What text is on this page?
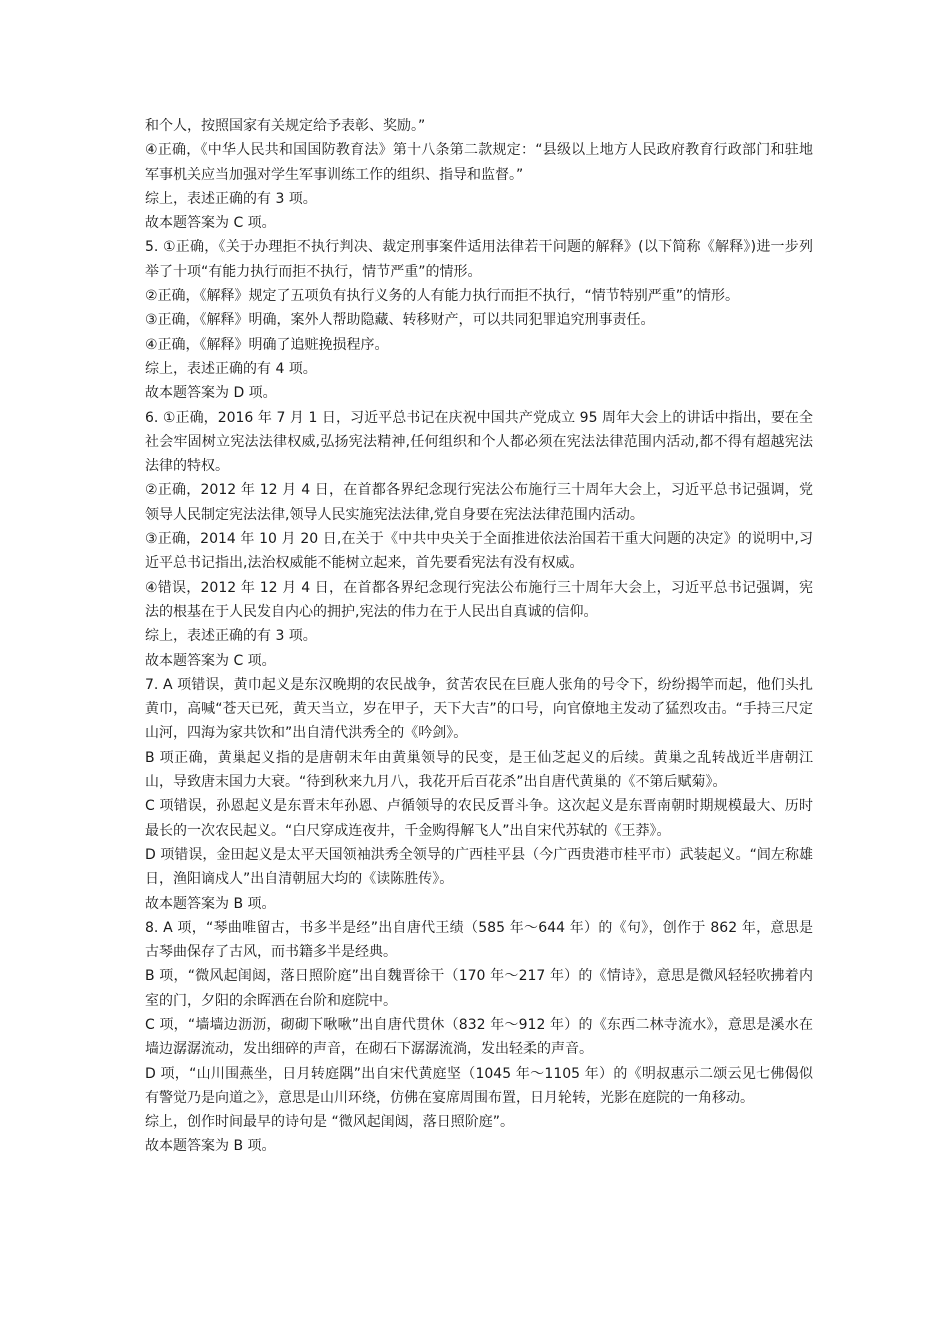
和个人，按照国家有关规定给予表彰、奖励。”

④正确，《中华人民共和国国防教育法》第十八条第二款规定：“县级以上地方人民政府教育行政部门和驻地军事机关应当加强对学生军事训练工作的组织、指导和监督。”

综上，表述正确的有 3 项。

故本题答案为 C 项。

5. ①正确，《关于办理拒不执行判决、裁定刑事案件适用法律若干问题的解释》(以下简称《解释》)进一步列举了十项“有能力执行而拒不执行，情节严重”的情形。

②正确，《解释》规定了五项负有执行义务的人有能力执行而拒不执行，“情节特别严重”的情形。

③正确，《解释》明确，案外人帮助隐藏、转移财产，可以共同犯罪追究刑事责任。

④正确，《解释》明确了追赃挽损程序。

综上，表述正确的有 4 项。

故本题答案为 D 项。

6. ①正确，2016 年 7 月 1 日，习近平总书记在庆祝中国共产党成立 95 周年大会上的讲话中指出，要在全社会牢固树立宪法法律权威,弘扬宪法精神,任何组织和个人都必须在宪法法律范围内活动,都不得有超越宪法法律的特权。

②正确，2012 年 12 月 4 日，在首都各界纪念现行宪法公布施行三十周年大会上，习近平总书记强调，党领导人民制定宪法法律,领导人民实施宪法法律,党自身要在宪法法律范围内活动。

③正确，2014 年 10 月 20 日,在关于《中共中央关于全面推进依法治国若干重大问题的决定》的说明中,习近平总书记指出,法治权威能不能树立起来，首先要看宪法有没有权威。

④错误，2012 年 12 月 4 日，在首都各界纪念现行宪法公布施行三十周年大会上，习近平总书记强调，宪法的根基在于人民发自内心的拥护,宪法的伟力在于人民出自真诚的信仰。

综上，表述正确的有 3 项。

故本题答案为 C 项。

7. A 项错误，黄巾起义是东汉晚期的农民战争，贫苦农民在巨鹿人张角的号令下，纷纷揭竿而起，他们头扎黄巾，高喊“苍天已死，黄天当立，岁在甲子，天下大吉”的口号，向官僚地主发动了猛烈攻击。“手持三尺定山河，四海为家共饮和”出自清代洪秀全的《吟剑》。

B 项正确，黄巢起义指的是唐朝末年由黄巢领导的民变，是王仙芝起义的后续。黄巢之乱转战近半唐朝江山，导致唐末国力大衰。“待到秋来九月八，我花开后百花杀”出自唐代黄巢的《不第后赋菊》。

C 项错误，孙恩起义是东晋末年孙恩、卢循领导的农民反晋斗争。这次起义是东晋南朝时期规模最大、历时最长的一次农民起义。“白尺穿成连夜井，千金购得解飞人”出自宋代苏轼的《王莽》。

D 项错误，金田起义是太平天国领袖洪秀全领导的广西桂平县（今广西贵港市桂平市）武装起义。“闾左称雄日，渔阳谪戍人”出自清朝屈大均的《读陈胜传》。

故本题答案为 B 项。

8. A 项，“琴曲唯留古，书多半是经”出自唐代王绩（585 年～644 年）的《句》，创作于 862 年，意思是古琴曲保存了古风，而书籍多半是经典。

B 项，“微风起闺闼，落日照阶庭”出自魏晋徐干（170 年～217 年）的《情诗》，意思是微风轻轻吹拂着内室的门，夕阳的余晖洒在台阶和庭院中。

C 项，“墙墙边沥沥，砌砌下啾啾”出自唐代贯休（832 年～912 年）的《东西二林寺流水》，意思是溪水在墙边潺潺流动，发出细碎的声音，在砌石下潺潺流淌，发出轻柔的声音。

D 项，“山川围燕坐，日月转庭隅”出自宋代黄庭坚（1045 年～1105 年）的《明叔惠示二颂云见七佛偈似有警觉乃是向道之》，意思是山川环绕，仿佛在宴席周围布置，日月轮转，光影在庭院的一角移动。

综上，创作时间最早的诗句是 “微风起闺闼，落日照阶庭”。

故本题答案为 B 项。
